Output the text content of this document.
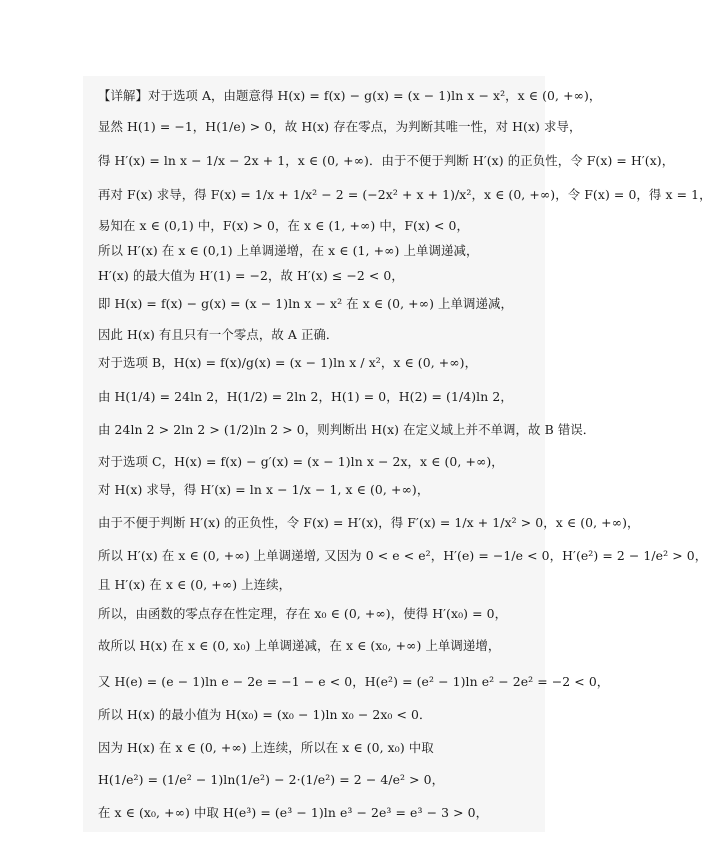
【详解】对于选项 A，由题意得 H(x) = f(x) − g(x) = (x − 1)ln x − x²，x ∈ (0, +∞)，
显然 H(1) = −1，H(1/e) > 0，故 H(x) 存在零点，为判断其唯一性，对 H(x) 求导，
得 H′(x) = ln x − 1/x − 2x + 1，x ∈ (0, +∞)．由于不便于判断 H′(x) 的正负性，令 F(x) = H′(x)，
再对 F(x) 求导，得 F(x) = 1/x + 1/x² − 2 = (−2x² + x + 1)/x²，x ∈ (0, +∞)，令 F(x) = 0，得 x = 1，
易知在 x ∈ (0,1) 中，F(x) > 0，在 x ∈ (1, +∞) 中，F(x) < 0，
所以 H′(x) 在 x ∈ (0,1) 上单调递增，在 x ∈ (1, +∞) 上单调递减，
H′(x) 的最大值为 H′(1) = −2，故 H′(x) ≤ −2 < 0，
即 H(x) = f(x) − g(x) = (x − 1)ln x − x² 在 x ∈ (0, +∞) 上单调递减，
因此 H(x) 有且只有一个零点，故 A 正确．
对于选项 B，H(x) = f(x)/g(x) = (x − 1)ln x / x²，x ∈ (0, +∞)，
由 H(1/4) = 24ln 2，H(1/2) = 2ln 2，H(1) = 0，H(2) = (1/4)ln 2，
由 24ln 2 > 2ln 2 > (1/2)ln 2 > 0，则判断出 H(x) 在定义域上并不单调，故 B 错误．
对于选项 C，H(x) = f(x) − g′(x) = (x − 1)ln x − 2x，x ∈ (0, +∞)，
对 H(x) 求导，得 H′(x) = ln x − 1/x − 1, x ∈ (0, +∞)，
由于不便于判断 H′(x) 的正负性，令 F(x) = H′(x)，得 F′(x) = 1/x + 1/x² > 0，x ∈ (0, +∞)，
所以 H′(x) 在 x ∈ (0, +∞) 上单调递增, 又因为 0 < e < e²，H′(e) = −1/e < 0，H′(e²) = 2 − 1/e² > 0，
且 H′(x) 在 x ∈ (0, +∞) 上连续，
所以，由函数的零点存在性定理，存在 x₀ ∈ (0, +∞)，使得 H′(x₀) = 0，
故所以 H(x) 在 x ∈ (0, x₀) 上单调递减，在 x ∈ (x₀, +∞) 上单调递增，
又 H(e) = (e − 1)ln e − 2e = −1 − e < 0，H(e²) = (e² − 1)ln e² − 2e² = −2 < 0，
所以 H(x) 的最小值为 H(x₀) = (x₀ − 1)ln x₀ − 2x₀ < 0．
因为 H(x) 在 x ∈ (0, +∞) 上连续，所以在 x ∈ (0, x₀) 中取
H(1/e²) = (1/e² − 1)ln(1/e²) − 2·(1/e²) = 2 − 4/e² > 0，
在 x ∈ (x₀, +∞) 中取 H(e³) = (e³ − 1)ln e³ − 2e³ = e³ − 3 > 0，
